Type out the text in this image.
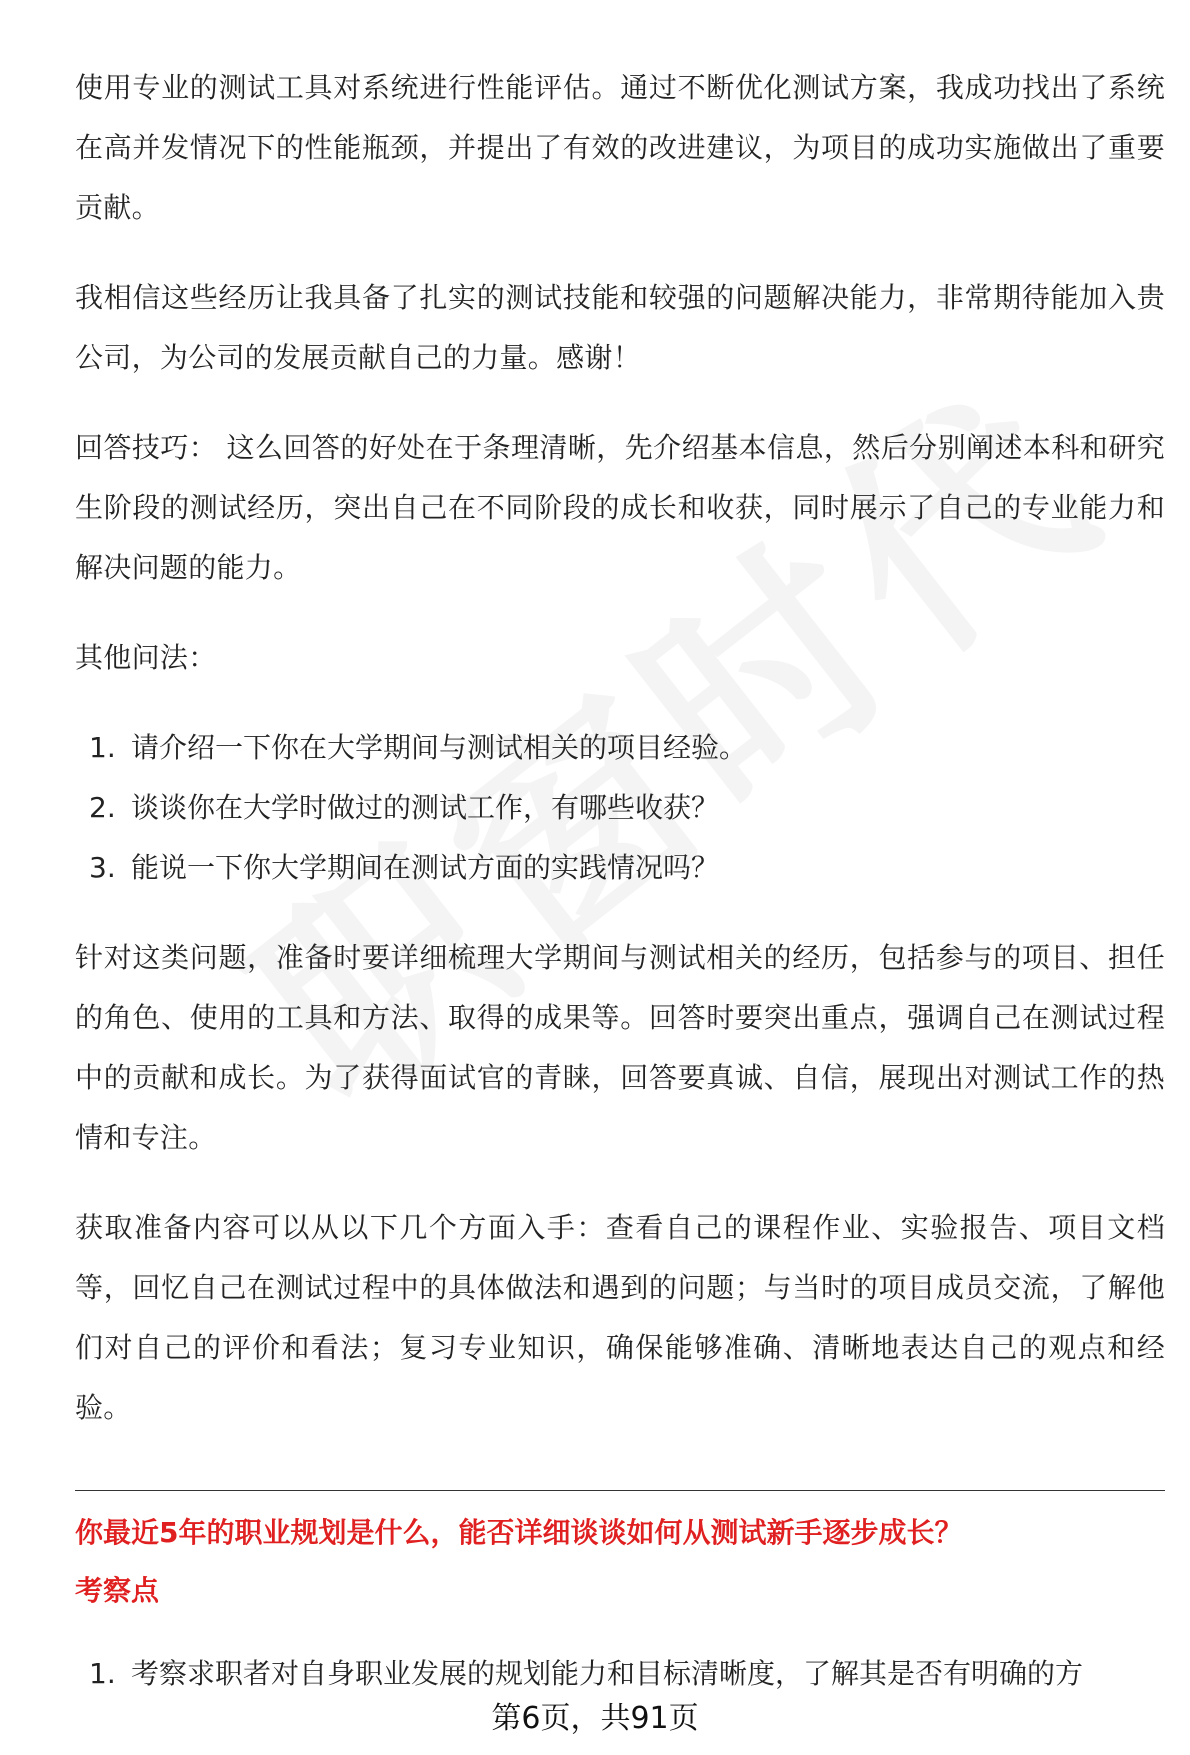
使用专业的测试工具对系统进行性能评估。通过不断优化测试方案，我成功找出了系统在高并发情况下的性能瓶颈，并提出了有效的改进建议，为项目的成功实施做出了重要贡献。

我相信这些经历让我具备了扎实的测试技能和较强的问题解决能力，非常期待能加入贵公司，为公司的发展贡献自己的力量。感谢！

回答技巧： 这么回答的好处在于条理清晰，先介绍基本信息，然后分别阐述本科和研究生阶段的测试经历，突出自己在不同阶段的成长和收获，同时展示了自己的专业能力和解决问题的能力。

其他问法：

1. 请介绍一下你在大学期间与测试相关的项目经验。
2. 谈谈你在大学时做过的测试工作，有哪些收获？
3. 能说一下你大学期间在测试方面的实践情况吗？

针对这类问题，准备时要详细梳理大学期间与测试相关的经历，包括参与的项目、担任的角色、使用的工具和方法、取得的成果等。回答时要突出重点，强调自己在测试过程中的贡献和成长。为了获得面试官的青睐，回答要真诚、自信，展现出对测试工作的热情和专注。

获取准备内容可以从以下几个方面入手：查看自己的课程作业、实验报告、项目文档等，回忆自己在测试过程中的具体做法和遇到的问题；与当时的项目成员交流，了解他们对自己的评价和看法；复习专业知识，确保能够准确、清晰地表达自己的观点和经验。

你最近5年的职业规划是什么，能否详细谈谈如何从测试新手逐步成长？
考察点
1. 考察求职者对自身职业发展的规划能力和目标清晰度，了解其是否有明确的方
第6页，共91页
